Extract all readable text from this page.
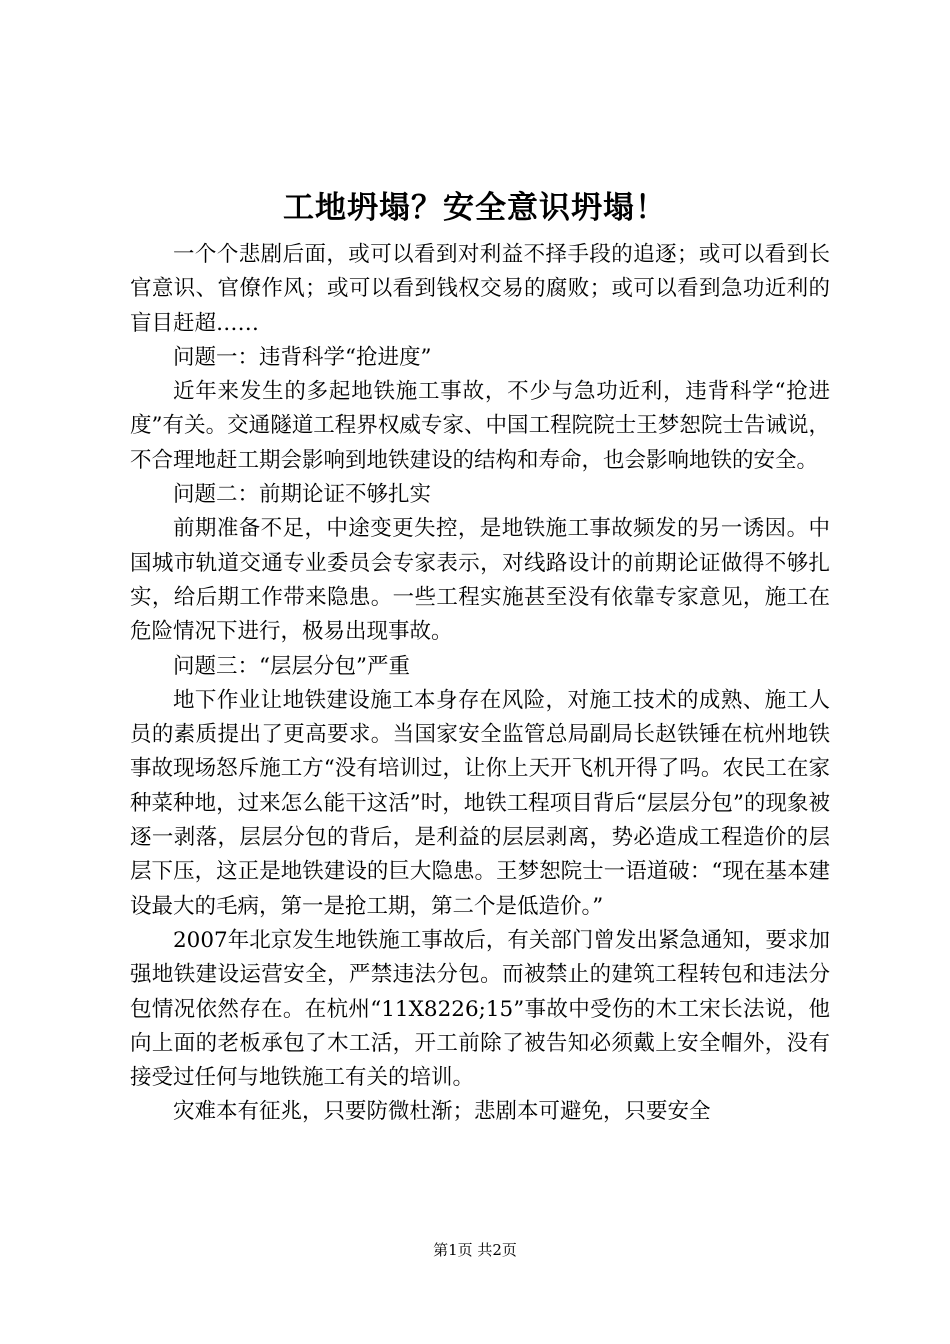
工地坍塌？安全意识坍塌！

一个个悲剧后面，或可以看到对利益不择手段的追逐；或可以看到长官意识、官僚作风；或可以看到钱权交易的腐败；或可以看到急功近利的盲目赶超……

问题一：违背科学“抢进度”

近年来发生的多起地铁施工事故，不少与急功近利，违背科学“抢进度”有关。交通隧道工程界权威专家、中国工程院院士王梦恕院士告诫说，不合理地赶工期会影响到地铁建设的结构和寿命，也会影响地铁的安全。

问题二：前期论证不够扎实

前期准备不足，中途变更失控，是地铁施工事故频发的另一诱因。中国城市轨道交通专业委员会专家表示，对线路设计的前期论证做得不够扎实，给后期工作带来隐患。一些工程实施甚至没有依靠专家意见，施工在危险情况下进行，极易出现事故。

问题三：“层层分包”严重

地下作业让地铁建设施工本身存在风险，对施工技术的成熟、施工人员的素质提出了更高要求。当国家安全监管总局副局长赵铁锤在杭州地铁事故现场怒斥施工方“没有培训过，让你上天开飞机开得了吗。农民工在家种菜种地，过来怎么能干这活”时，地铁工程项目背后“层层分包”的现象被逐一剥落，层层分包的背后，是利益的层层剥离，势必造成工程造价的层层下压，这正是地铁建设的巨大隐患。王梦恕院士一语道破：“现在基本建设最大的毛病，第一是抢工期，第二个是低造价。”

2007年北京发生地铁施工事故后，有关部门曾发出紧急通知，要求加强地铁建设运营安全，严禁违法分包。而被禁止的建筑工程转包和违法分包情况依然存在。在杭州“11X8226;15”事故中受伤的木工宋长法说，他向上面的老板承包了木工活，开工前除了被告知必须戴上安全帽外，没有接受过任何与地铁施工有关的培训。

灾难本有征兆，只要防微杜渐；悲剧本可避免，只要安全

第1页 共2页
